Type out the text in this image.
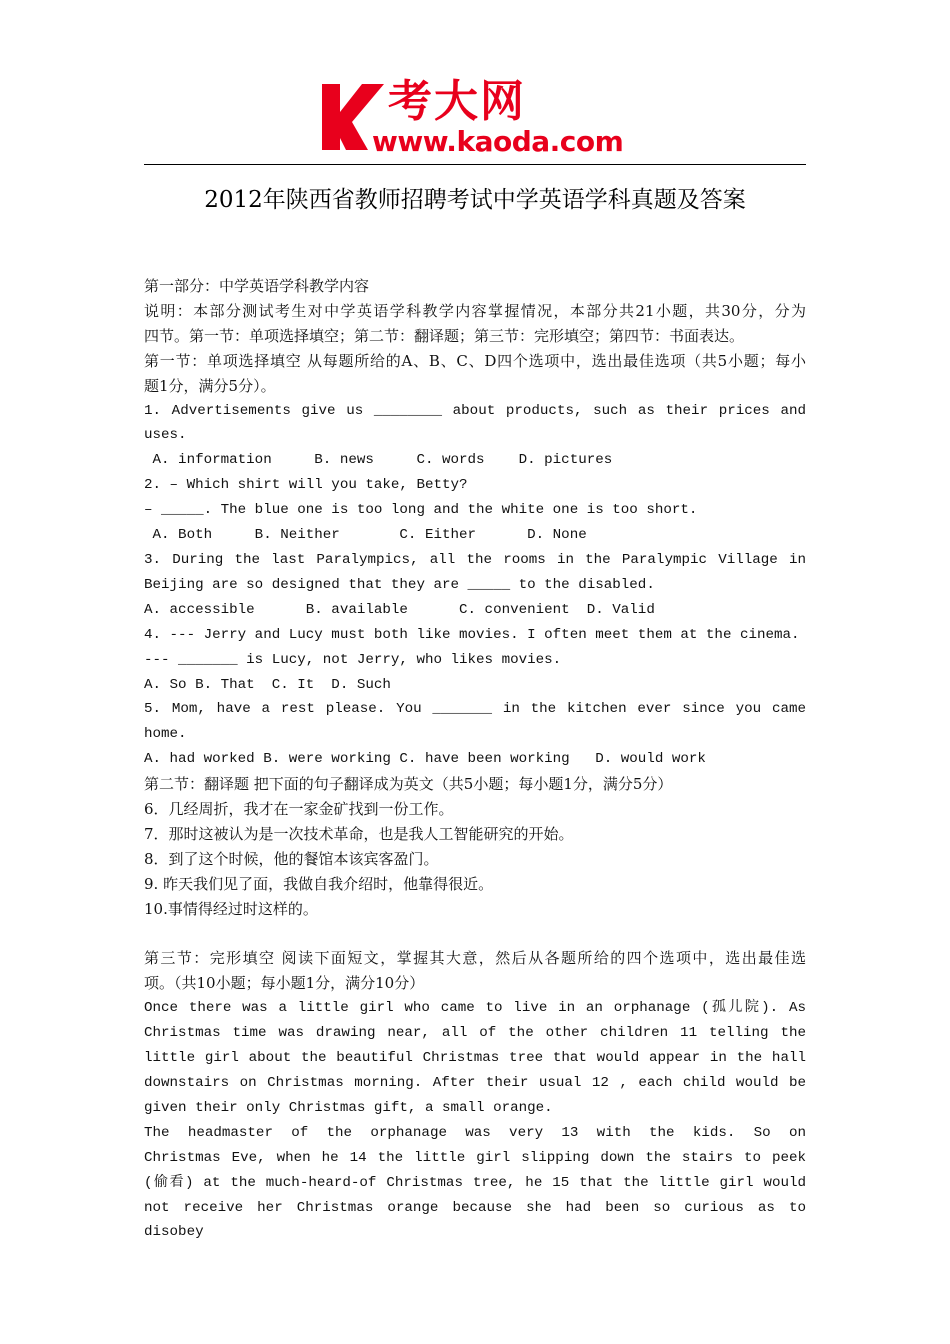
考大网
www.kaoda.com
2012年陕西省教师招聘考试中学英语学科真题及答案

第一部分：中学英语学科教学内容

说明：本部分测试考生对中学英语学科教学内容掌握情况，本部分共21小题，共30分，分为

四节。第一节：单项选择填空；第二节：翻译题；第三节：完形填空；第四节：书面表达。

第一节：单项选择填空 从每题所给的A、B、C、D四个选项中，选出最佳选项（共5小题；每小

题1分，满分5分）。

1. Advertisements give us ________ about products, such as their prices and

uses.

A. information     B. news     C. words    D. pictures

2. – Which shirt will you take, Betty?

– _____. The blue one is too long and the white one is too short.

A. Both     B. Neither       C. Either      D. None

3. During the last Paralympics, all the rooms in the Paralympic Village in

Beijing are so designed that they are _____ to the disabled.

A. accessible      B. available      C. convenient  D. Valid

4. --- Jerry and Lucy must both like movies. I often meet them at the cinema.

--- _______ is Lucy, not Jerry, who likes movies.

A. So B. That  C. It  D. Such

5. Mom, have a rest please. You _______ in the kitchen ever since you came

home.

A. had worked B. were working C. have been working   D. would work

第二节：翻译题 把下面的句子翻译成为英文（共5小题；每小题1分，满分5分）

6．几经周折，我才在一家金矿找到一份工作。

7．那时这被认为是一次技术革命，也是我人工智能研究的开始。

8．到了这个时候，他的餐馆本该宾客盈门。

9. 昨天我们见了面，我做自我介绍时，他靠得很近。

10.事情得经过时这样的。

第三节：完形填空 阅读下面短文，掌握其大意，然后从各题所给的四个选项中，选出最佳选

项。（共10小题；每小题1分，满分10分）

Once there was a little girl who came to live in an orphanage (孤儿院). As

Christmas time was drawing near, all of the other children 11 telling the

little girl about the beautiful Christmas tree that would appear in the hall

downstairs on Christmas morning. After their usual 12 , each child would be

given their only Christmas gift, a small orange.

The headmaster of the orphanage was very 13 with the kids. So on

Christmas Eve, when he 14 the little girl slipping down the stairs to peek

(偷看) at the much-heard-of Christmas tree, he 15 that the little girl would

not receive her Christmas orange because she had been so curious as to disobey
